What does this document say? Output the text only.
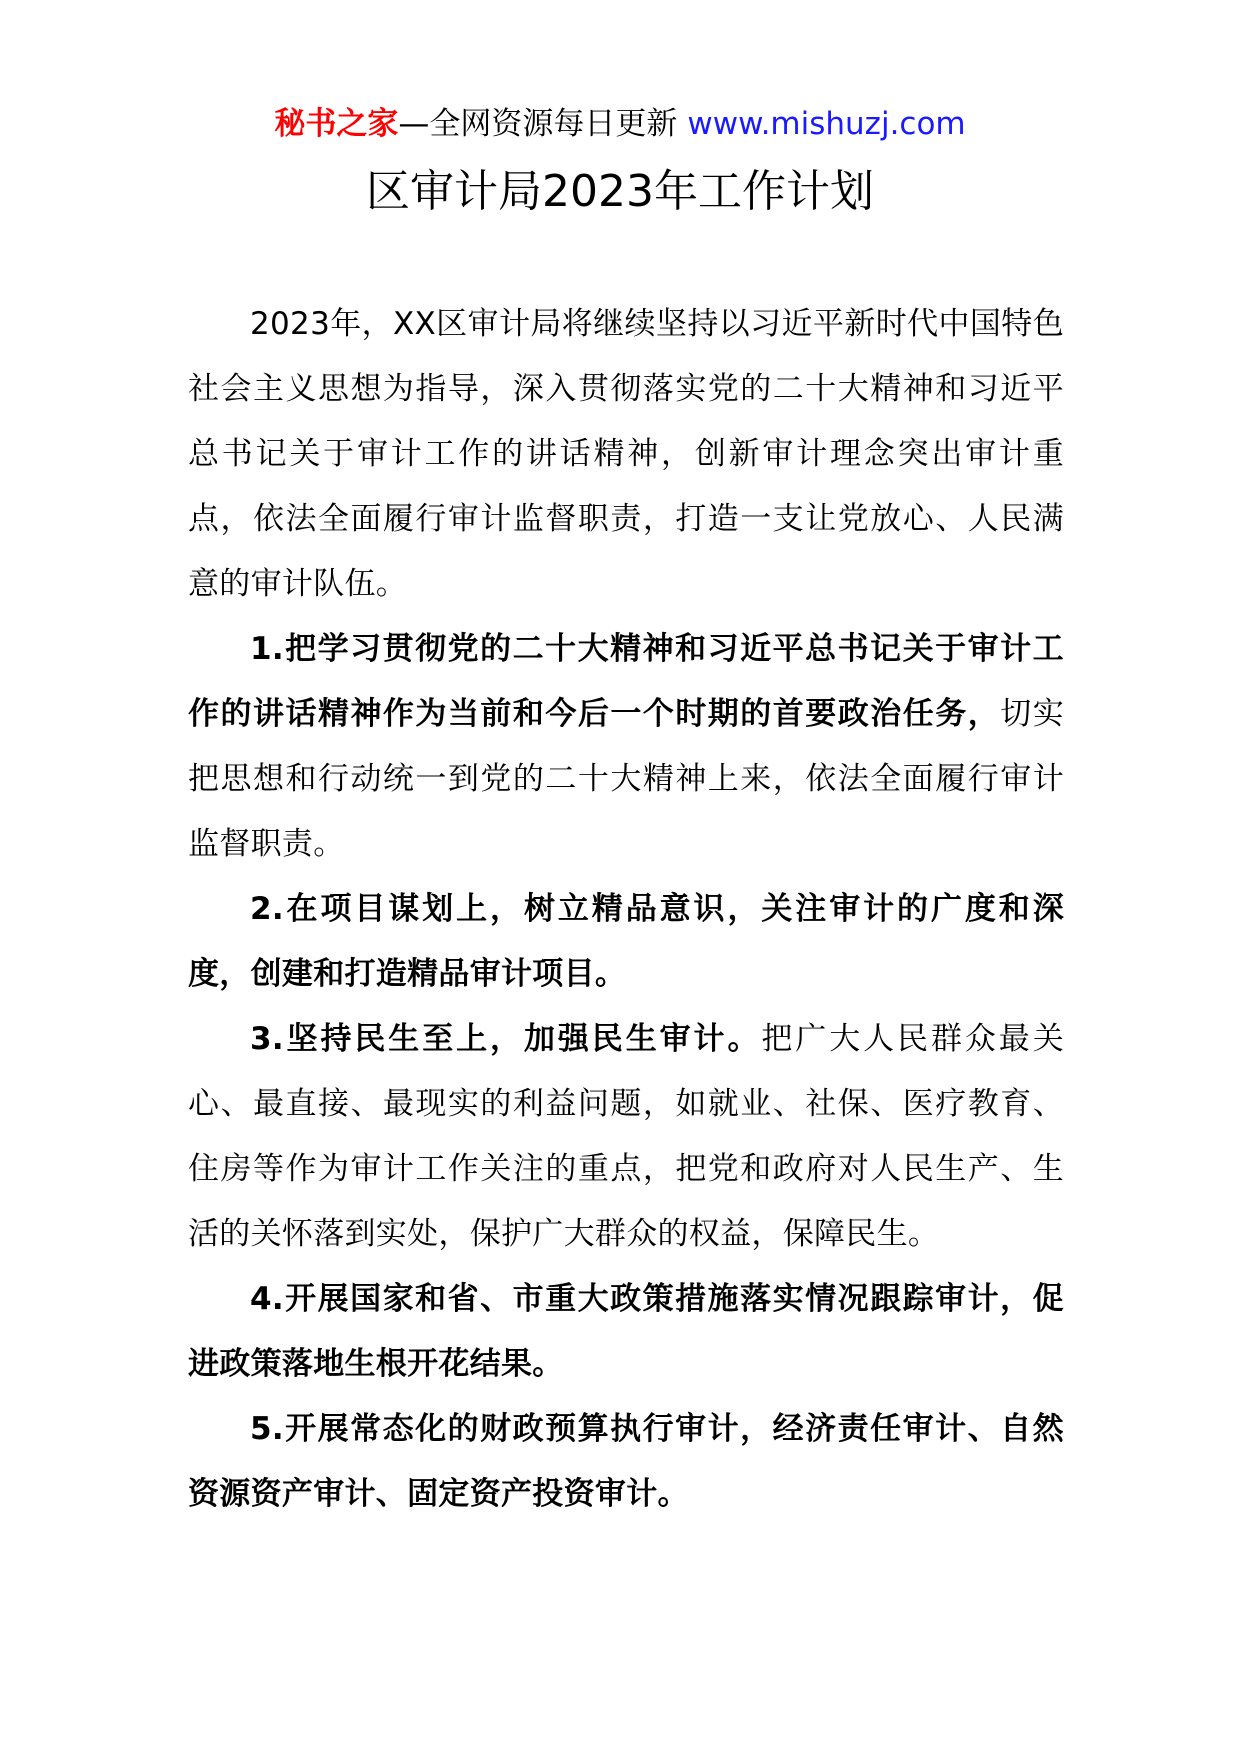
秘书之家—全网资源每日更新 www.mishuzj.com
区审计局2023年工作计划

2023年，XX区审计局将继续坚持以习近平新时代中国特色社会主义思想为指导，深入贯彻落实党的二十大精神和习近平总书记关于审计工作的讲话精神，创新审计理念突出审计重点，依法全面履行审计监督职责，打造一支让党放心、人民满意的审计队伍。

1.把学习贯彻党的二十大精神和习近平总书记关于审计工作的讲话精神作为当前和今后一个时期的首要政治任务，切实把思想和行动统一到党的二十大精神上来，依法全面履行审计监督职责。

2.在项目谋划上，树立精品意识，关注审计的广度和深度，创建和打造精品审计项目。

3.坚持民生至上，加强民生审计。把广大人民群众最关心、最直接、最现实的利益问题，如就业、社保、医疗教育、住房等作为审计工作关注的重点，把党和政府对人民生产、生活的关怀落到实处，保护广大群众的权益，保障民生。

4.开展国家和省、市重大政策措施落实情况跟踪审计，促进政策落地生根开花结果。

5.开展常态化的财政预算执行审计，经济责任审计、自然资源资产审计、固定资产投资审计。
